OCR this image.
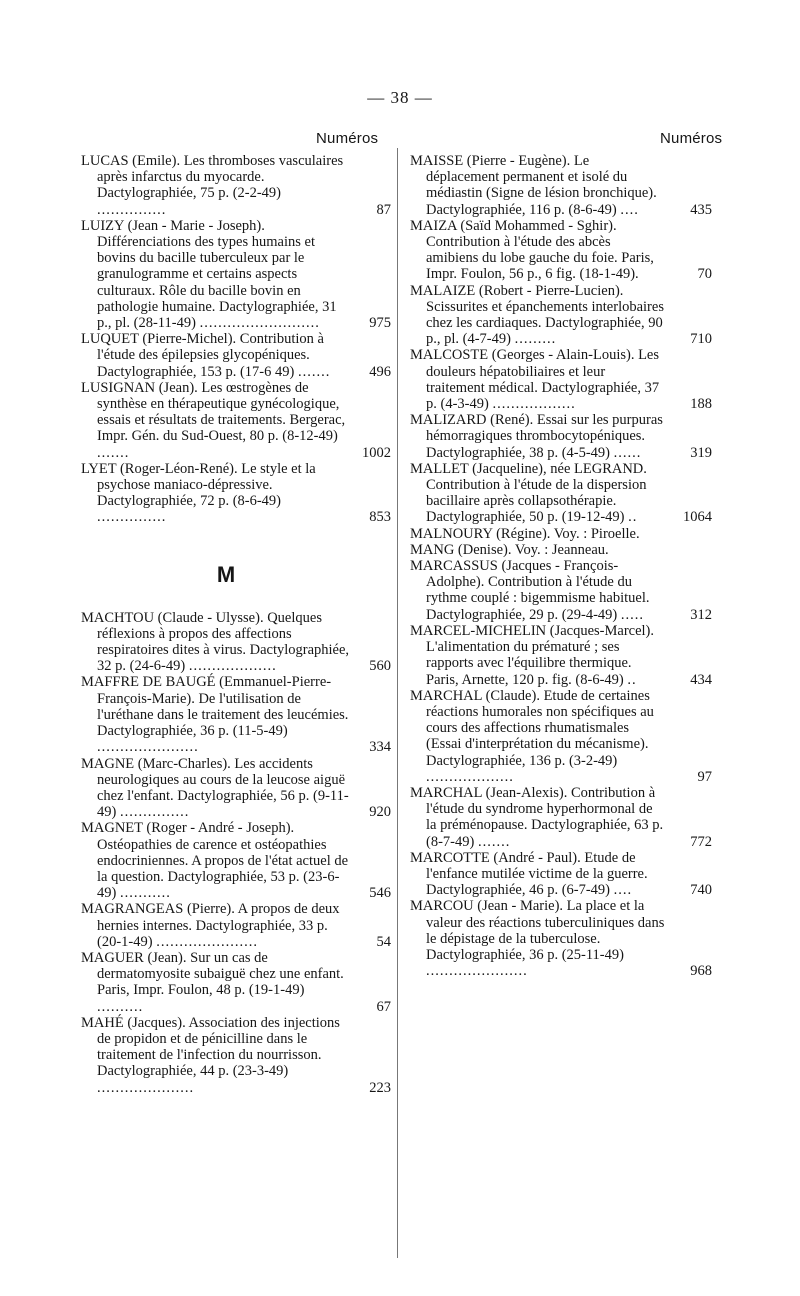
— 38 —
Numéros	Numéros
LUCAS (Emile). Les thromboses vasculaires après infarctus du myocarde. Dactylographiée, 75 p. (2-2-49) ...............	87
LUIZY (Jean - Marie - Joseph). Différenciations des types humains et bovins du bacille tuberculeux par le granulogramme et certains aspects culturaux. Rôle du bacille bovin en pathologie humaine. Dactylographiée, 31 p., pl. (28-11-49) ..........................	975
LUQUET (Pierre-Michel). Contribution à l'étude des épilepsies glycopéniques. Dactylographiée, 153 p. (17-6 49) .......	496
LUSIGNAN (Jean). Les œstrogènes de synthèse en thérapeutique gynécologique, essais et résultats de traitements. Bergerac, Impr. Gén. du Sud-Ouest, 80 p. (8-12-49) .......	1002
LYET (Roger-Léon-René). Le style et la psychose maniaco-dépressive. Dactylographiée, 72 p. (8-6-49) ...............	853
M
MACHTOU (Claude - Ulysse). Quelques réflexions à propos des affections respiratoires dites à virus. Dactylographiée, 32 p. (24-6-49) ...................	560
MAFFRE DE BAUGÉ (Emmanuel-Pierre-François-Marie). De l'utilisation de l'uréthane dans le traitement des leucémies. Dactylographiée, 36 p. (11-5-49) ......................	334
MAGNE (Marc-Charles). Les accidents neurologiques au cours de la leucose aiguë chez l'enfant. Dactylographiée, 56 p. (9-11-49) ...............	920
MAGNET (Roger - André - Joseph). Ostéopathies de carence et ostéopathies endocriniennes. A propos de l'état actuel de la question. Dactylographiée, 53 p. (23-6-49) ...........	546
MAGRANGEAS (Pierre). A propos de deux hernies internes. Dactylographiée, 33 p. (20-1-49) ......................	54
MAGUER (Jean). Sur un cas de dermatomyosite subaiguë chez une enfant. Paris, Impr. Foulon, 48 p. (19-1-49) ..........	67
MAHÉ (Jacques). Association des injections de propidon et de pénicilline dans le traitement de l'infection du nourrisson. Dactylographiée, 44 p. (23-3-49) .....................	223
MAISSE (Pierre - Eugène). Le déplacement permanent et isolé du médiastin (Signe de lésion bronchique). Dactylographiée, 116 p. (8-6-49) ....	435
MAIZA (Saïd Mohammed - Sghir). Contribution à l'étude des abcès amibiens du lobe gauche du foie. Paris, Impr. Foulon, 56 p., 6 fig. (18-1-49).	70
MALAIZE (Robert - Pierre-Lucien). Scissurites et épanchements interlobaires chez les cardiaques. Dactylographiée, 90 p., pl. (4-7-49) .........	710
MALCOSTE (Georges - Alain-Louis). Les douleurs hépatobiliaires et leur traitement médical. Dactylographiée, 37 p. (4-3-49) ..................	188
MALIZARD (René). Essai sur les purpuras hémorragiques thrombocytopéniques. Dactylographiée, 38 p. (4-5-49) ......	319
MALLET (Jacqueline), née LEGRAND. Contribution à l'étude de la dispersion bacillaire après collapsothérapie. Dactylographiée, 50 p. (19-12-49) ..	1064
MALNOURY (Régine). Voy. : Piroelle.
MANG (Denise). Voy. : Jeanneau.
MARCASSUS (Jacques - François-Adolphe). Contribution à l'étude du rythme couplé : bigemmisme habituel. Dactylographiée, 29 p. (29-4-49) .....	312
MARCEL-MICHELIN (Jacques-Marcel). L'alimentation du prématuré ; ses rapports avec l'équilibre thermique. Paris, Arnette, 120 p. fig. (8-6-49) ..	434
MARCHAL (Claude). Etude de certaines réactions humorales non spécifiques au cours des affections rhumatismales (Essai d'interprétation du mécanisme). Dactylographiée, 136 p. (3-2-49) ...................	97
MARCHAL (Jean-Alexis). Contribution à l'étude du syndrome hyperhormonal de la préménopause. Dactylographiée, 63 p. (8-7-49) .......	772
MARCOTTE (André - Paul). Etude de l'enfance mutilée victime de la guerre. Dactylographiée, 46 p. (6-7-49) ....	740
MARCOU (Jean - Marie). La place et la valeur des réactions tuberculiniques dans le dépistage de la tuberculose. Dactylographiée, 36 p. (25-11-49) ......................	968
